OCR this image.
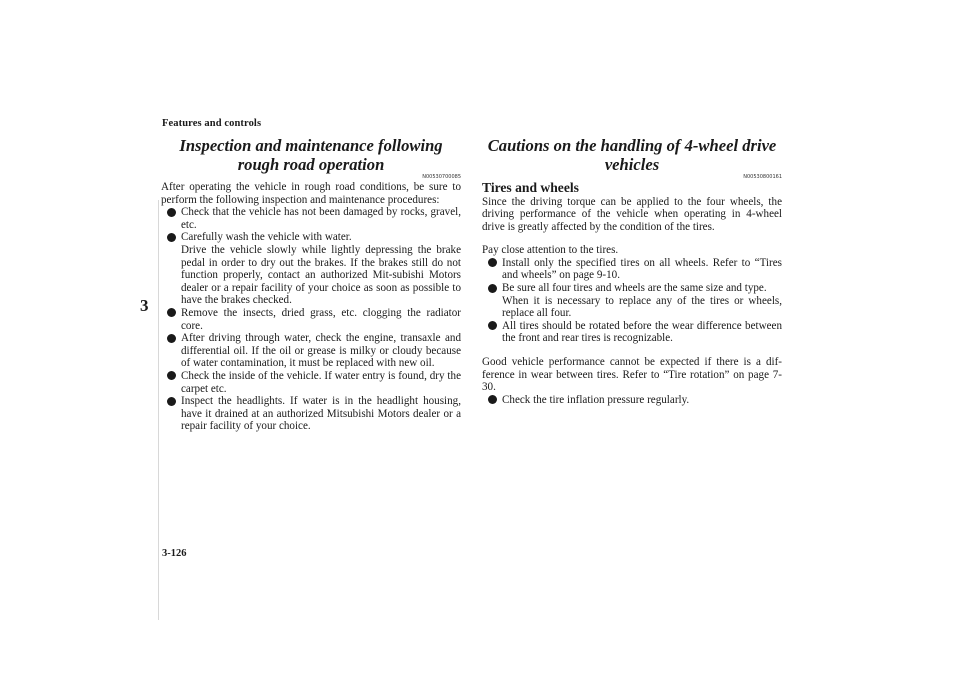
Features and controls
3
Inspection and maintenance following rough road operation
N00530700085

After operating the vehicle in rough road conditions, be sure to perform the following inspection and maintenance procedures:

Check that the vehicle has not been damaged by rocks, gravel, etc.
Carefully wash the vehicle with water.
Drive the vehicle slowly while lightly depressing the brake pedal in order to dry out the brakes. If the brakes still do not function properly, contact an authorized Mit-subishi Motors dealer or a repair facility of your choice as soon as possible to have the brakes checked.
Remove the insects, dried grass, etc. clogging the radiator core.
After driving through water, check the engine, transaxle and differential oil. If the oil or grease is milky or cloudy because of water contamination, it must be replaced with new oil.
Check the inside of the vehicle. If water entry is found, dry the carpet etc.
Inspect the headlights. If water is in the headlight housing, have it drained at an authorized Mitsubishi Motors dealer or a repair facility of your choice.
Cautions on the handling of 4-wheel drive vehicles
N00530800161
Tires and wheels

Since the driving torque can be applied to the four wheels, the driving performance of the vehicle when operating in 4-wheel drive is greatly affected by the condition of the tires.

Pay close attention to the tires.

Install only the specified tires on all wheels. Refer to “Tires and wheels” on page 9-10.
Be sure all four tires and wheels are the same size and type.
When it is necessary to replace any of the tires or wheels, replace all four.
All tires should be rotated before the wear difference between the front and rear tires is recognizable.

Good vehicle performance cannot be expected if there is a dif-ference in wear between tires. Refer to “Tire rotation” on page 7-30.

Check the tire inflation pressure regularly.
3-126
